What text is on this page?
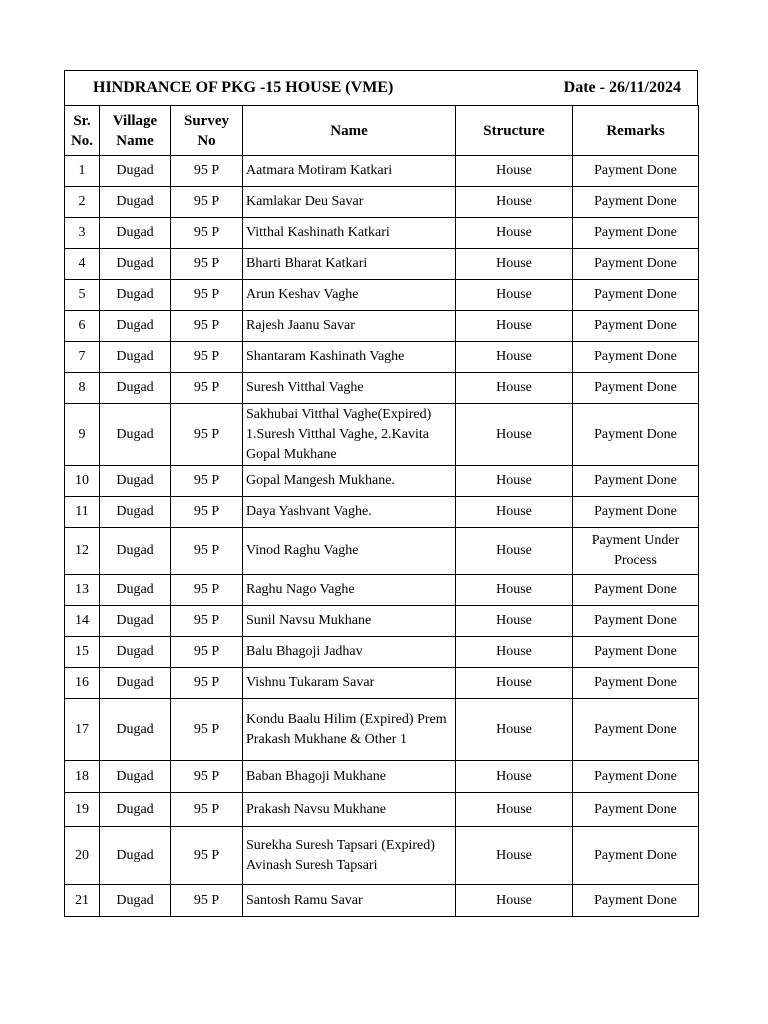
HINDRANCE OF PKG -15 HOUSE (VME)	Date - 26/11/2024
Sr. No.	Village Name	Survey No	Name	Structure	Remarks
1	Dugad	95 P	Aatmara Motiram Katkari	House	Payment Done
2	Dugad	95 P	Kamlakar Deu Savar	House	Payment Done
3	Dugad	95 P	Vitthal Kashinath Katkari	House	Payment Done
4	Dugad	95 P	Bharti Bharat Katkari	House	Payment Done
5	Dugad	95 P	Arun Keshav Vaghe	House	Payment Done
6	Dugad	95 P	Rajesh Jaanu Savar	House	Payment Done
7	Dugad	95 P	Shantaram Kashinath Vaghe	House	Payment Done
8	Dugad	95 P	Suresh Vitthal Vaghe	House	Payment Done
9	Dugad	95 P	Sakhubai Vitthal Vaghe(Expired) 1.Suresh Vitthal Vaghe, 2.Kavita Gopal Mukhane	House	Payment Done
10	Dugad	95 P	Gopal Mangesh Mukhane.	House	Payment Done
11	Dugad	95 P	Daya Yashvant Vaghe.	House	Payment Done
12	Dugad	95 P	Vinod Raghu Vaghe	House	Payment Under Process
13	Dugad	95 P	Raghu Nago Vaghe	House	Payment Done
14	Dugad	95 P	Sunil Navsu Mukhane	House	Payment Done
15	Dugad	95 P	Balu Bhagoji Jadhav	House	Payment Done
16	Dugad	95 P	Vishnu Tukaram Savar	House	Payment Done
17	Dugad	95 P	Kondu Baalu Hilim (Expired) Prem Prakash Mukhane & Other 1	House	Payment Done
18	Dugad	95 P	Baban Bhagoji Mukhane	House	Payment Done
19	Dugad	95 P	Prakash Navsu Mukhane	House	Payment Done
20	Dugad	95 P	Surekha Suresh Tapsari (Expired) Avinash Suresh Tapsari	House	Payment Done
21	Dugad	95 P	Santosh Ramu Savar	House	Payment Done
